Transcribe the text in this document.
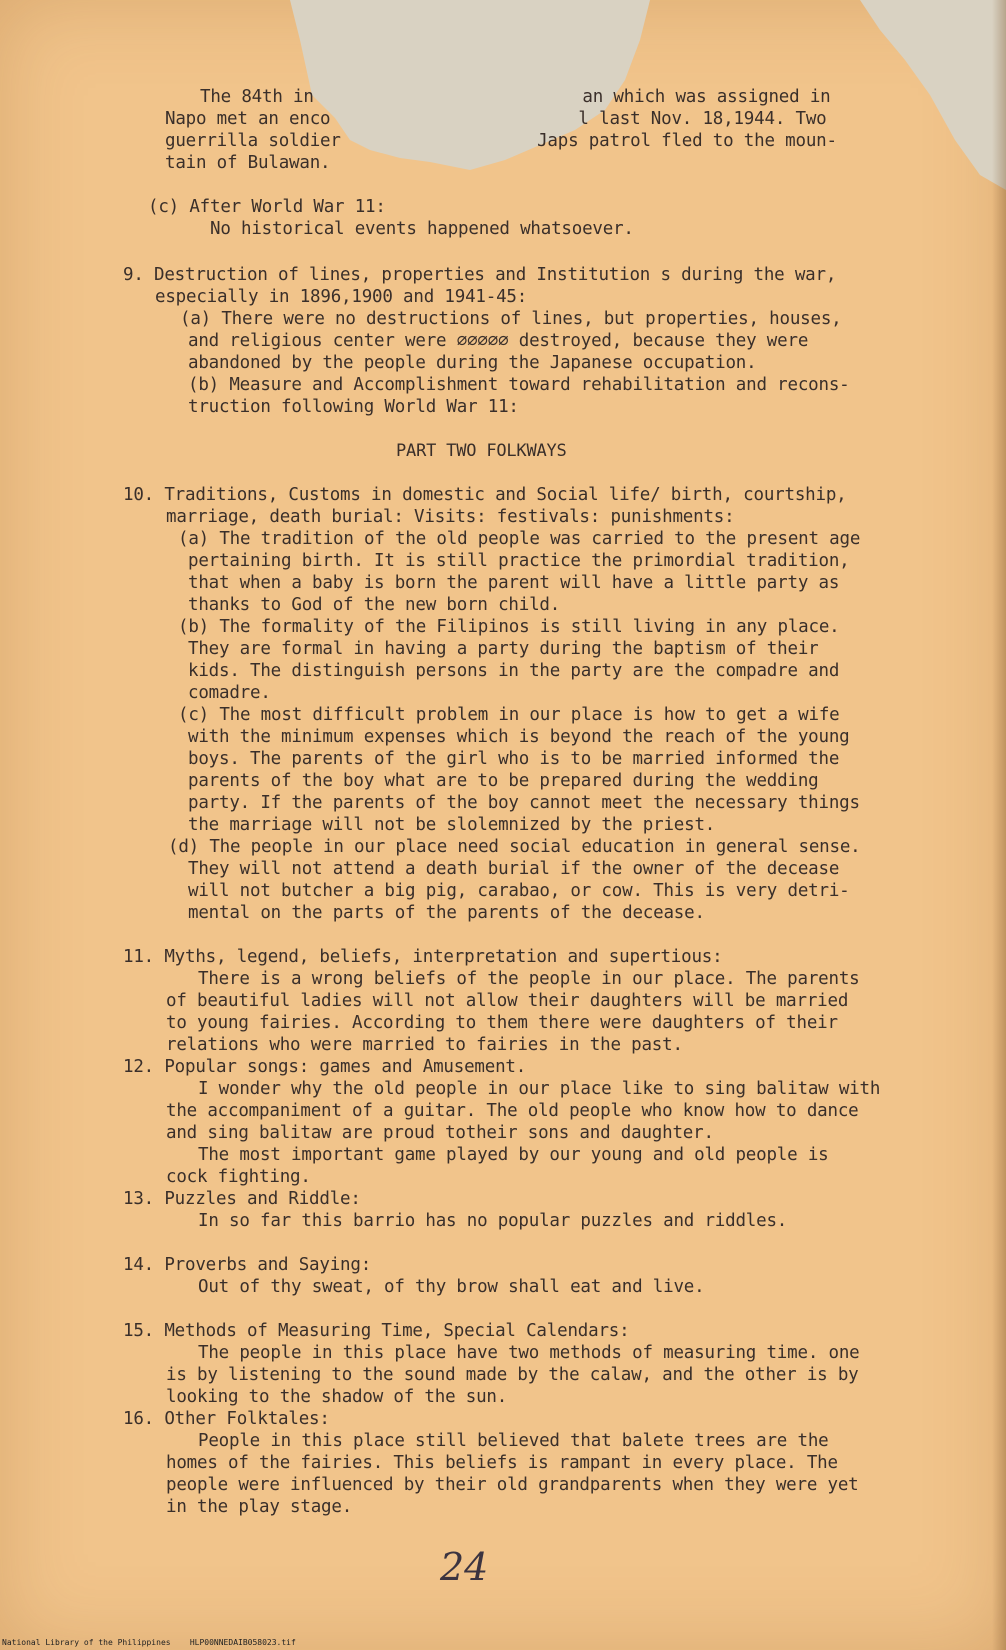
The 84th in                          an which was assigned in
Napo met an enco                        l last Nov. 18,1944. Two
guerrilla soldier                   Japs patrol fled to the moun-
tain of Bulawan.
(c) After World War 11:
No historical events happened whatsoever.
9. Destruction of lines, properties and Institution s during the war,
especially in 1896,1900 and 1941-45:
(a) There were no destructions of lines, but properties, houses,
and religious center were ∅∅∅∅∅ destroyed, because they were
abandoned by the people during the Japanese occupation.
(b) Measure and Accomplishment toward rehabilitation and recons-
truction following World War 11:
PART TWO FOLKWAYS
10. Traditions, Customs in domestic and Social life/ birth, courtship,
marriage, death burial: Visits: festivals: punishments:
(a) The tradition of the old people was carried to the present age
pertaining birth. It is still practice the primordial tradition,
that when a baby is born the parent will have a little party as
thanks to God of the new born child.
(b) The formality of the Filipinos is still living in any place.
They are formal in having a party during the baptism of their
kids. The distinguish persons in the party are the compadre and
comadre.
(c) The most difficult problem in our place is how to get a wife
with the minimum expenses which is beyond the reach of the young
boys. The parents of the girl who is to be married informed the
parents of the boy what are to be prepared during the wedding
party. If the parents of the boy cannot meet the necessary things
the marriage will not be slolemnized by the priest.
(d) The people in our place need social education in general sense.
They will not attend a death burial if the owner of the decease
will not butcher a big pig, carabao, or cow. This is very detri-
mental on the parts of the parents of the decease.
11. Myths, legend, beliefs, interpretation and supertious:
There is a wrong beliefs of the people in our place. The parents
of beautiful ladies will not allow their daughters will be married
to young fairies. According to them there were daughters of their
relations who were married to fairies in the past.
12. Popular songs: games and Amusement.
I wonder why the old people in our place like to sing balitaw with
the accompaniment of a guitar. The old people who know how to dance
and sing balitaw are proud totheir sons and daughter.
The most important game played by our young and old people is
cock fighting.
13. Puzzles and Riddle:
In so far this barrio has no popular puzzles and riddles.
14. Proverbs and Saying:
Out of thy sweat, of thy brow shall eat and live.
15. Methods of Measuring Time, Special Calendars:
The people in this place have two methods of measuring time. one
is by listening to the sound made by the calaw, and the other is by
looking to the shadow of the sun.
16. Other Folktales:
People in this place still believed that balete trees are the
homes of the fairies. This beliefs is rampant in every place. The
people were influenced by their old grandparents when they were yet
in the play stage.
24
National Library of the Philippines    HLP00NNEDAIB058023.tif
